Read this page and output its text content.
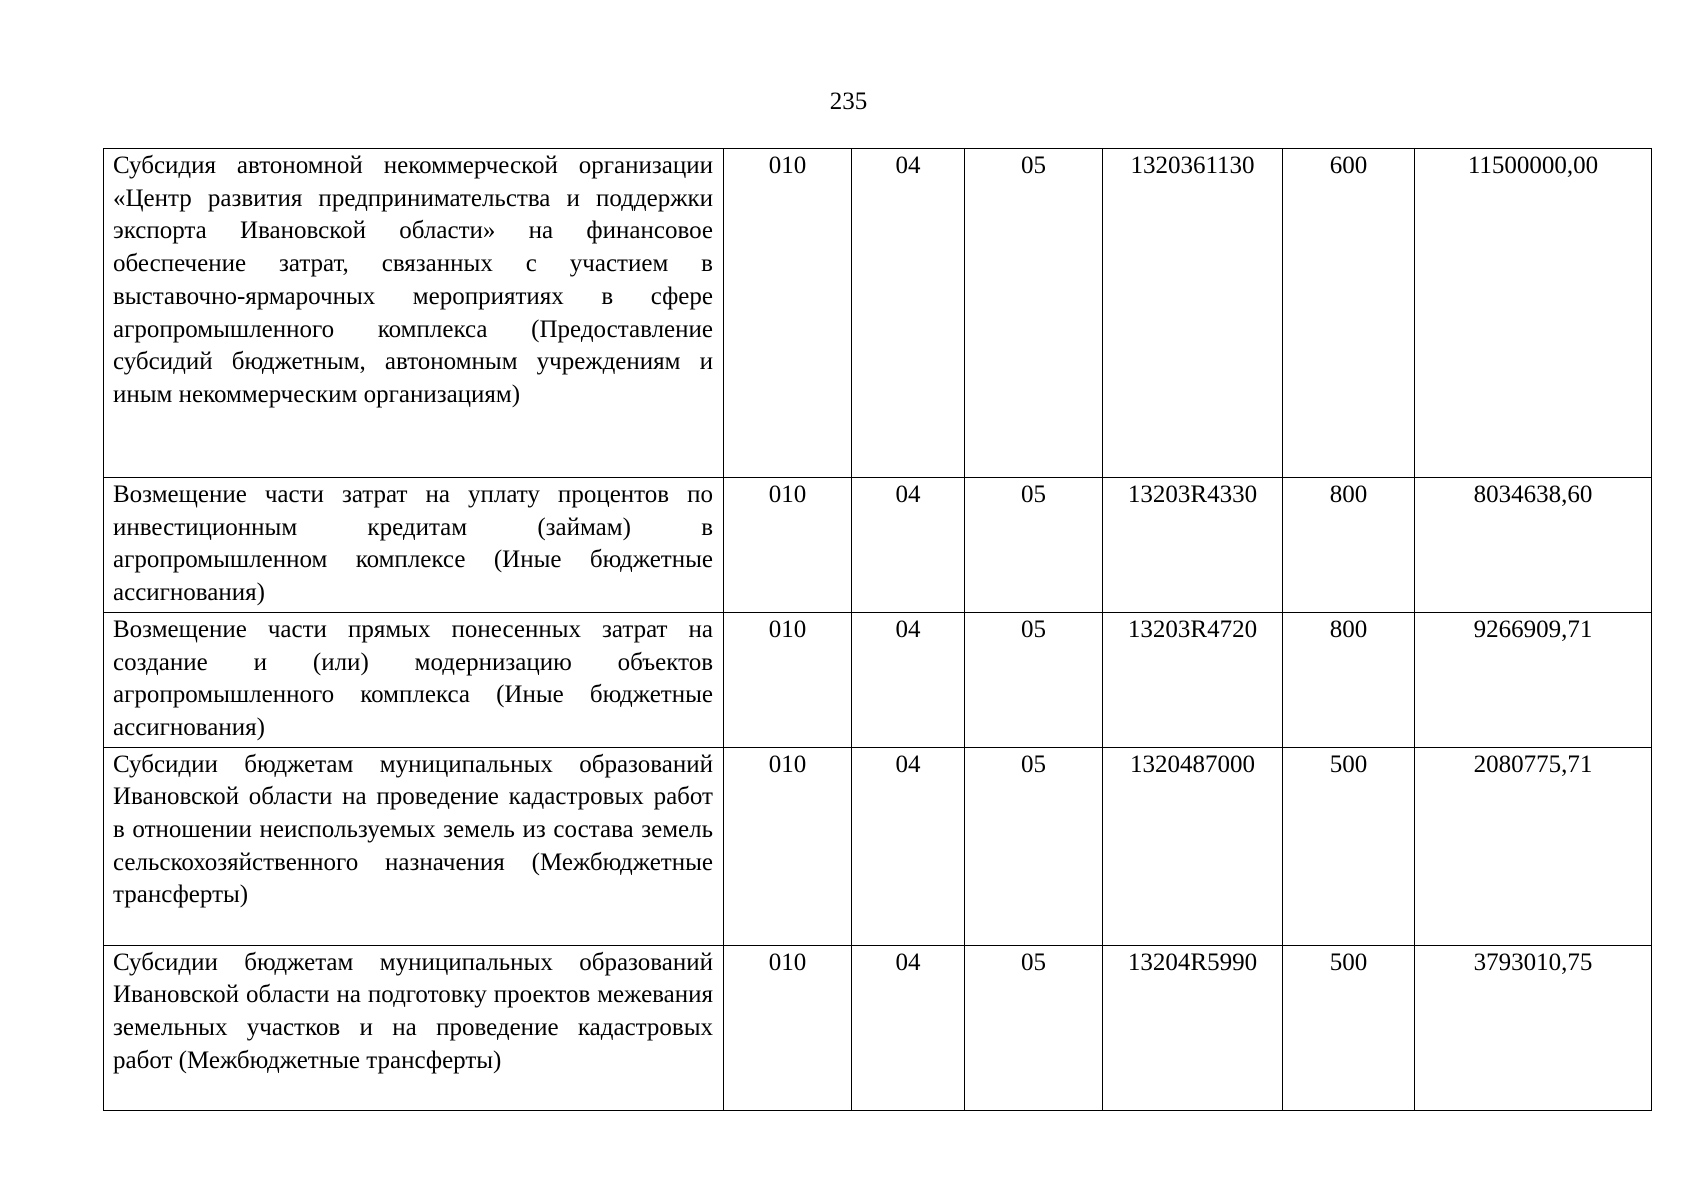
235
Субсидия автономной некоммерческой организации «Центр развития предпринимательства и поддержки экспорта Ивановской области» на финансовое обеспечение затрат, связанных с участием в выставочно-ярмарочных мероприятиях в сфере агропромышленного комплекса (Предоставление субсидий бюджетным, автономным учреждениям и иным некоммерческим организациям)	010	04	05	1320361130	600	11500000,00
Возмещение части затрат на уплату процентов по инвестиционным кредитам (займам) в агропромышленном комплексе (Иные бюджетные ассигнования)	010	04	05	13203R4330	800	8034638,60
Возмещение части прямых понесенных затрат на создание и (или) модернизацию объектов агропромышленного комплекса (Иные бюджетные ассигнования)	010	04	05	13203R4720	800	9266909,71
Субсидии бюджетам муниципальных образований Ивановской области на проведение кадастровых работ в отношении неиспользуемых земель из состава земель сельскохозяйственного назначения (Межбюджетные трансферты)	010	04	05	1320487000	500	2080775,71
Субсидии бюджетам муниципальных образований Ивановской области на подготовку проектов межевания земельных участков и на проведение кадастровых работ (Межбюджетные трансферты)	010	04	05	13204R5990	500	3793010,75
